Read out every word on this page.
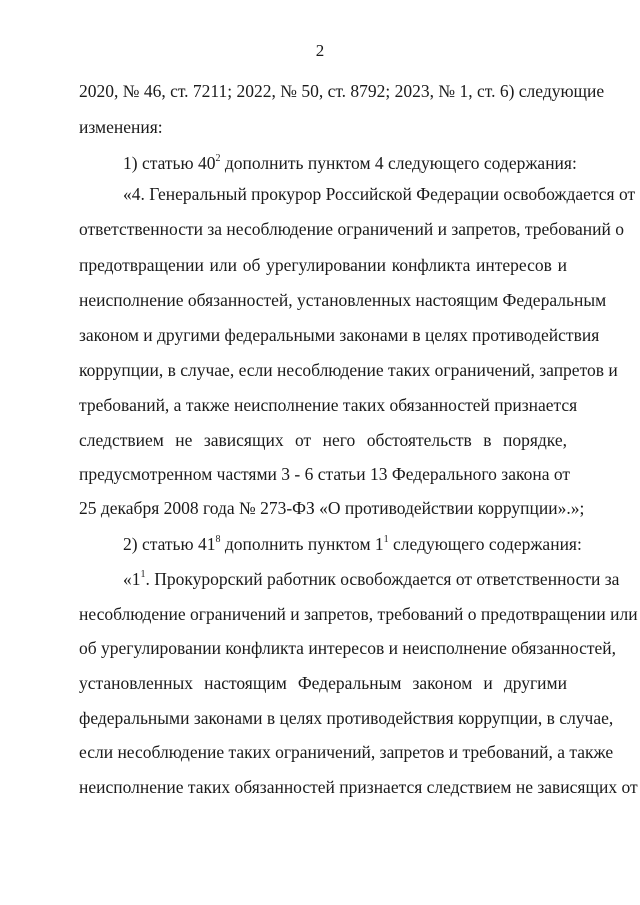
2
2020, № 46, ст. 7211; 2022, № 50, ст. 8792; 2023, № 1, ст. 6) следующие
изменения:
1) статью $40^2$ дополнить пунктом 4 следующего содержания:
«4. Генеральный прокурор Российской Федерации освобождается от
ответственности за несоблюдение ограничений и запретов, требований о
предотвращении или об урегулировании конфликта интересов и
неисполнение обязанностей, установленных настоящим Федеральным
законом и другими федеральными законами в целях противодействия
коррупции, в случае, если несоблюдение таких ограничений, запретов и
требований, а также неисполнение таких обязанностей признается
следствием не зависящих от него обстоятельств в порядке,
предусмотренном частями 3 - 6 статьи 13 Федерального закона от
25 декабря 2008 года № 273-ФЗ «О противодействии коррупции».»;
2) статью $41^8$ дополнить пунктом $1^1$ следующего содержания:
«$1^1$. Прокурорский работник освобождается от ответственности за
несоблюдение ограничений и запретов, требований о предотвращении или
об урегулировании конфликта интересов и неисполнение обязанностей,
установленных настоящим Федеральным законом и другими
федеральными законами в целях противодействия коррупции, в случае,
если несоблюдение таких ограничений, запретов и требований, а также
неисполнение таких обязанностей признается следствием не зависящих от
